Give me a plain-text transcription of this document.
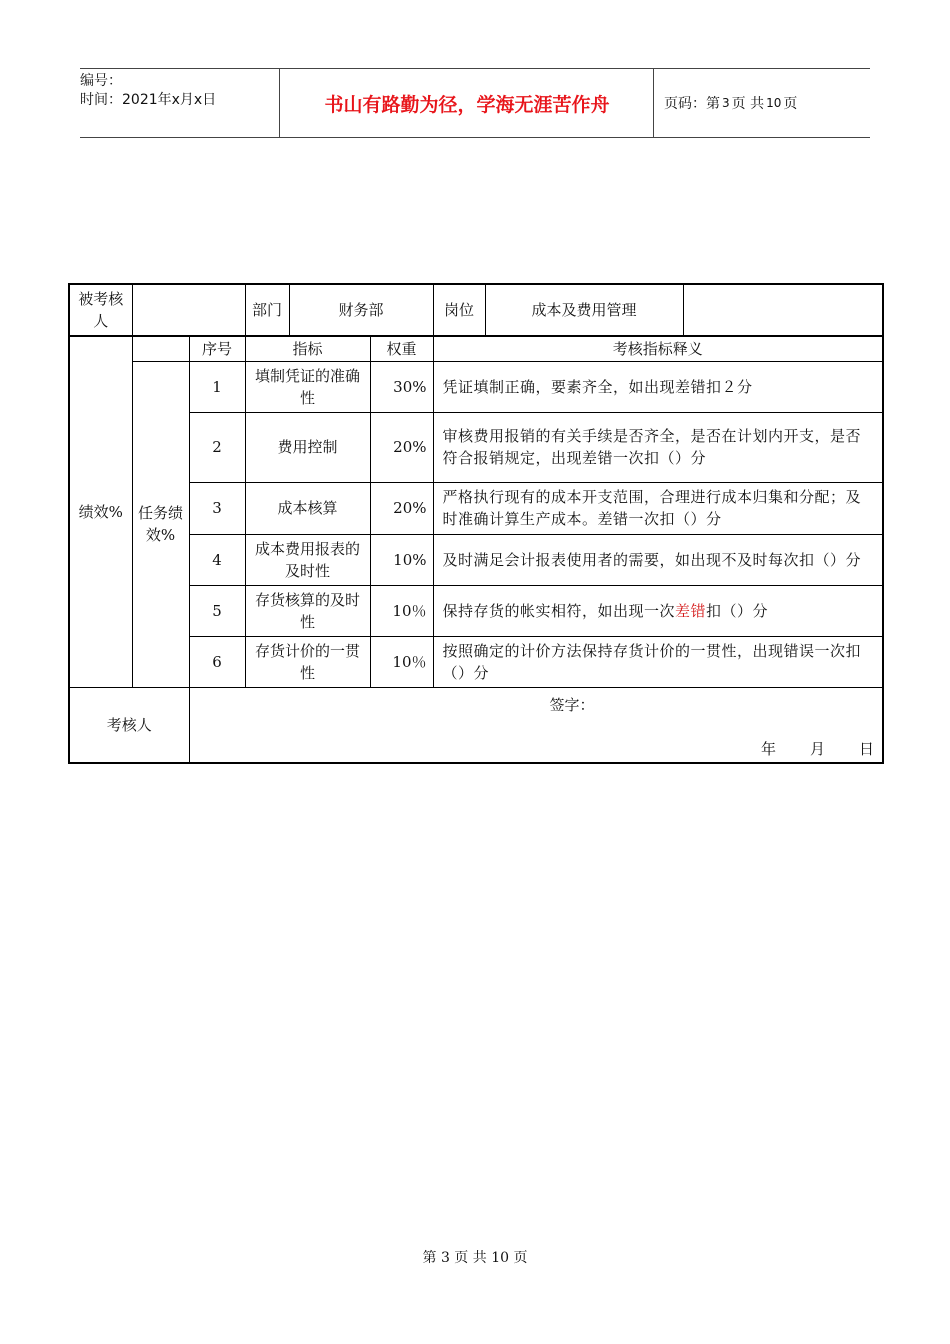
编号：
时间：2021年x月x日	书山有路勤为径，学海无涯苦作舟	页码：第 3 页 共 10 页
被考核人			部门	财务部		岗位	成本及费用管理	
绩效%		序号	指标		权重	考核指标释义		
	任务绩效%	1	填制凭证的准确性		30%	凭证填制正确，要素齐全，如出现差错扣２分		
		2	费用控制		20%	审核费用报销的有关手续是否齐全，是否在计划内开支，是否符合报销规定，出现差错一次扣（）分		
		3	成本核算		20%	严格执行现有的成本开支范围，合理进行成本归集和分配；及时准确计算生产成本。差错一次扣（）分		
		4	成本费用报表的及时性		10%	及时满足会计报表使用者的需要，如出现不及时每次扣（）分		
		5	存货核算的及时性		10％	保持存货的帐实相符，如出现一次差错扣（）分		
		6	存货计价的一贯性		10％	按照确定的计价方法保持存货计价的一贯性，出现错误一次扣（）分		
考核人		签字：
年 月 日						
第 3 页 共 10 页
